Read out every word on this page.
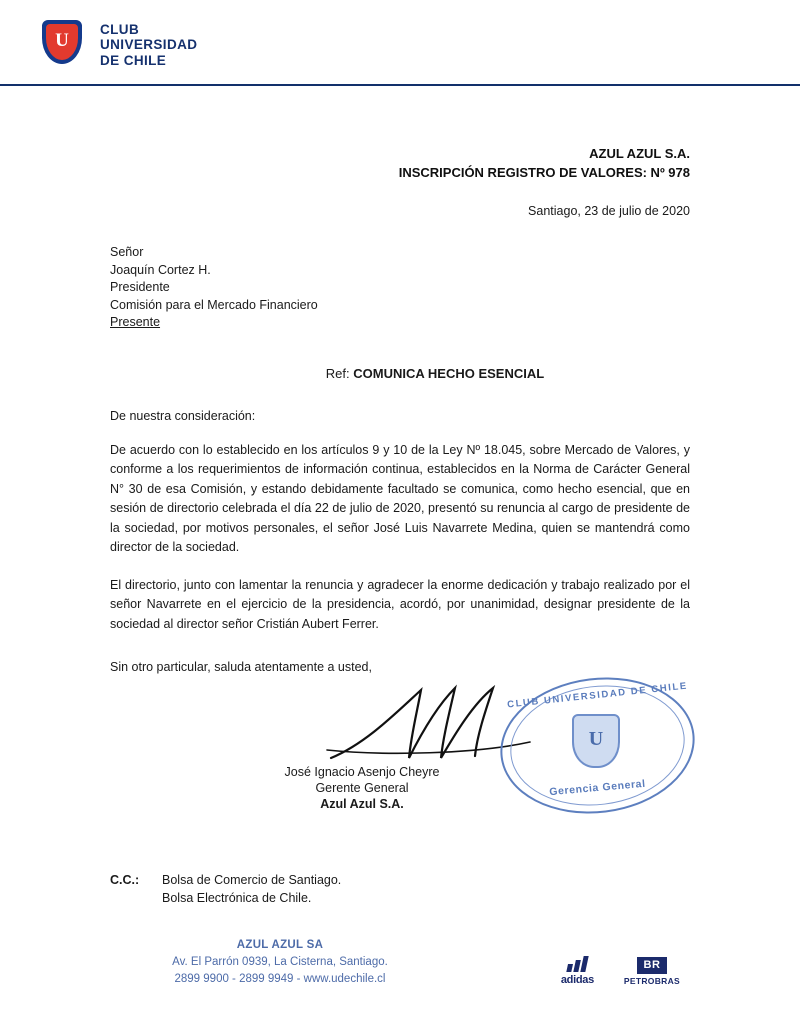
U
CLUB
UNIVERSIDAD
DE CHILE
AZUL AZUL S.A.
INSCRIPCIÓN REGISTRO DE VALORES: Nº 978
Santiago, 23 de julio de 2020
Señor
Joaquín Cortez H.
Presidente
Comisión para el Mercado Financiero
Presente
Ref: COMUNICA HECHO ESENCIAL
De nuestra consideración:

De acuerdo con lo establecido en los artículos 9 y 10 de la Ley Nº 18.045, sobre Mercado de Valores, y conforme a los requerimientos de información continua, establecidos en la Norma de Carácter General N° 30 de esa Comisión, y estando debidamente facultado se comunica, como hecho esencial, que en sesión de directorio celebrada el día 22 de julio de 2020, presentó su renuncia al cargo de presidente de la sociedad, por motivos personales, el señor José Luis Navarrete Medina, quien se mantendrá como director de la sociedad.

El directorio, junto con lamentar la renuncia y agradecer la enorme dedicación y trabajo realizado por el señor Navarrete en el ejercicio de la presidencia, acordó, por unanimidad, designar presidente de la sociedad al director señor Cristián Aubert Ferrer.

Sin otro particular, saluda atentamente a usted,
José Ignacio Asenjo Cheyre
Gerente General
Azul Azul S.A.
CLUB UNIVERSIDAD DE CHILE
U
Gerencia General
C.C.:	Bolsa de Comercio de Santiago.
Bolsa Electrónica de Chile.
AZUL AZUL SA
Av. El Parrón 0939, La Cisterna, Santiago.
2899 9900 - 2899 9949 - www.udechile.cl	adidas
BR
PETROBRAS
